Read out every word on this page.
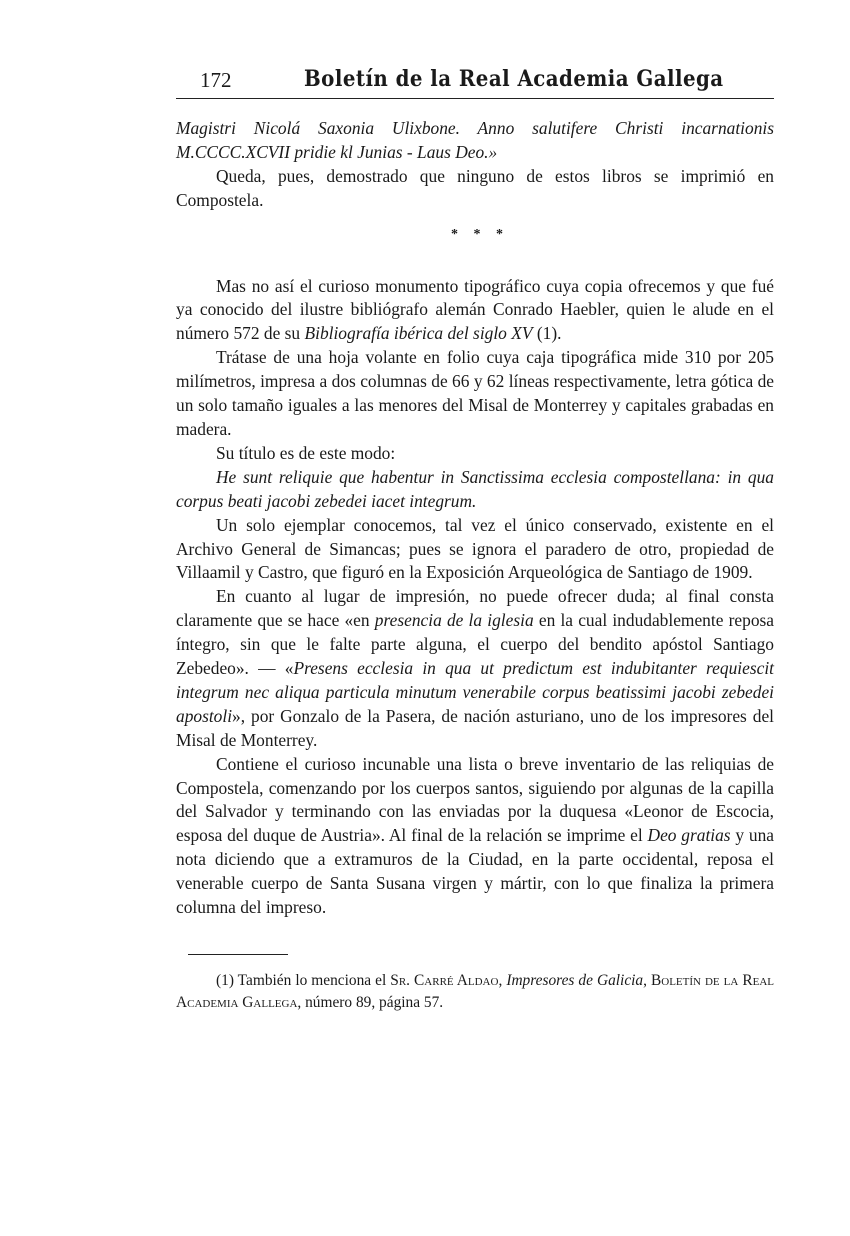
172	Boletín de la Real Academia Gallega

Magistri Nicolá Saxonia Ulixbone. Anno salutifere Christi incarnationis M.CCCC.XCVII pridie kl Junias - Laus Deo.»

Queda, pues, demostrado que ninguno de estos libros se imprimió en Compostela.

* * *

Mas no así el curioso monumento tipográfico cuya copia ofrecemos y que fué ya conocido del ilustre bibliógrafo alemán Conrado Haebler, quien le alude en el número 572 de su Bibliografía ibérica del siglo XV (1).

Trátase de una hoja volante en folio cuya caja tipográfica mide 310 por 205 milímetros, impresa a dos columnas de 66 y 62 líneas respectivamente, letra gótica de un solo tamaño iguales a las menores del Misal de Monterrey y capitales grabadas en madera.

Su título es de este modo:

He sunt reliquie que habentur in Sanctissima ecclesia compostellana: in qua corpus beati jacobi zebedei iacet integrum.

Un solo ejemplar conocemos, tal vez el único conservado, existente en el Archivo General de Simancas; pues se ignora el paradero de otro, propiedad de Villaamil y Castro, que figuró en la Exposición Arqueológica de Santiago de 1909.

En cuanto al lugar de impresión, no puede ofrecer duda; al final consta claramente que se hace «en presencia de la iglesia en la cual indudablemente reposa íntegro, sin que le falte parte alguna, el cuerpo del bendito apóstol Santiago Zebedeo». — «Presens ecclesia in qua ut predictum est indubitanter requiescit integrum nec aliqua particula minutum venerabile corpus beatissimi jacobi zebedei apostoli», por Gonzalo de la Pasera, de nación asturiano, uno de los impresores del Misal de Monterrey.

Contiene el curioso incunable una lista o breve inventario de las reliquias de Compostela, comenzando por los cuerpos santos, siguiendo por algunas de la capilla del Salvador y terminando con las enviadas por la duquesa «Leonor de Escocia, esposa del duque de Austria». Al final de la relación se imprime el Deo gratias y una nota diciendo que a extramuros de la Ciudad, en la parte occidental, reposa el venerable cuerpo de Santa Susana virgen y mártir, con lo que finaliza la primera columna del impreso.

(1) También lo menciona el Sr. Carré Aldao, Impresores de Galicia, Boletín de la Real Academia Gallega, número 89, página 57.
